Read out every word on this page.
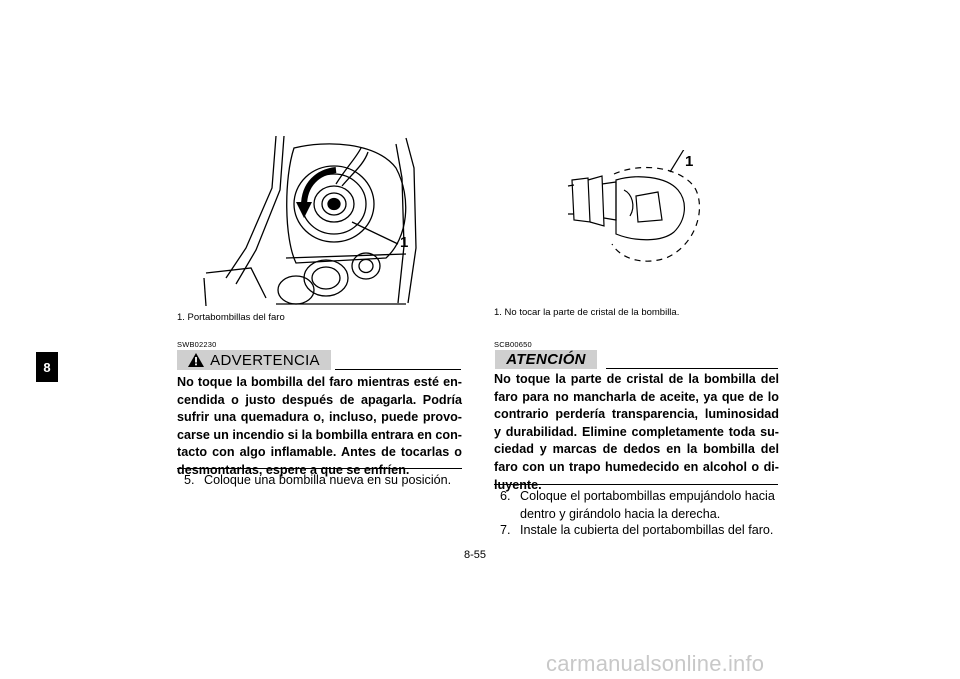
8
1
1. Portabombillas del faro
SWB02230
ADVERTENCIA
No toque la bombilla del faro mientras esté en-cendida o justo después de apagarla. Podría sufrir una quemadura o, incluso, puede provo-carse un incendio si la bombilla entrara en con-tacto con algo inflamable. Antes de tocarlas o desmontarlas, espere a que se enfríen.
5. Coloque una bombilla nueva en su posición.
1
1. No tocar la parte de cristal de la bombilla.
SCB00650
ATENCIÓN
No toque la parte de cristal de la bombilla del faro para no mancharla de aceite, ya que de lo contrario perdería transparencia, luminosidad y durabilidad. Elimine completamente toda su-ciedad y marcas de dedos en la bombilla del faro con un trapo humedecido en alcohol o di-luyente.
6. Coloque el portabombillas empujándolo hacia
dentro y girándolo hacia la derecha.
7. Instale la cubierta del portabombillas del faro.
8-55
carmanualsonline.info
